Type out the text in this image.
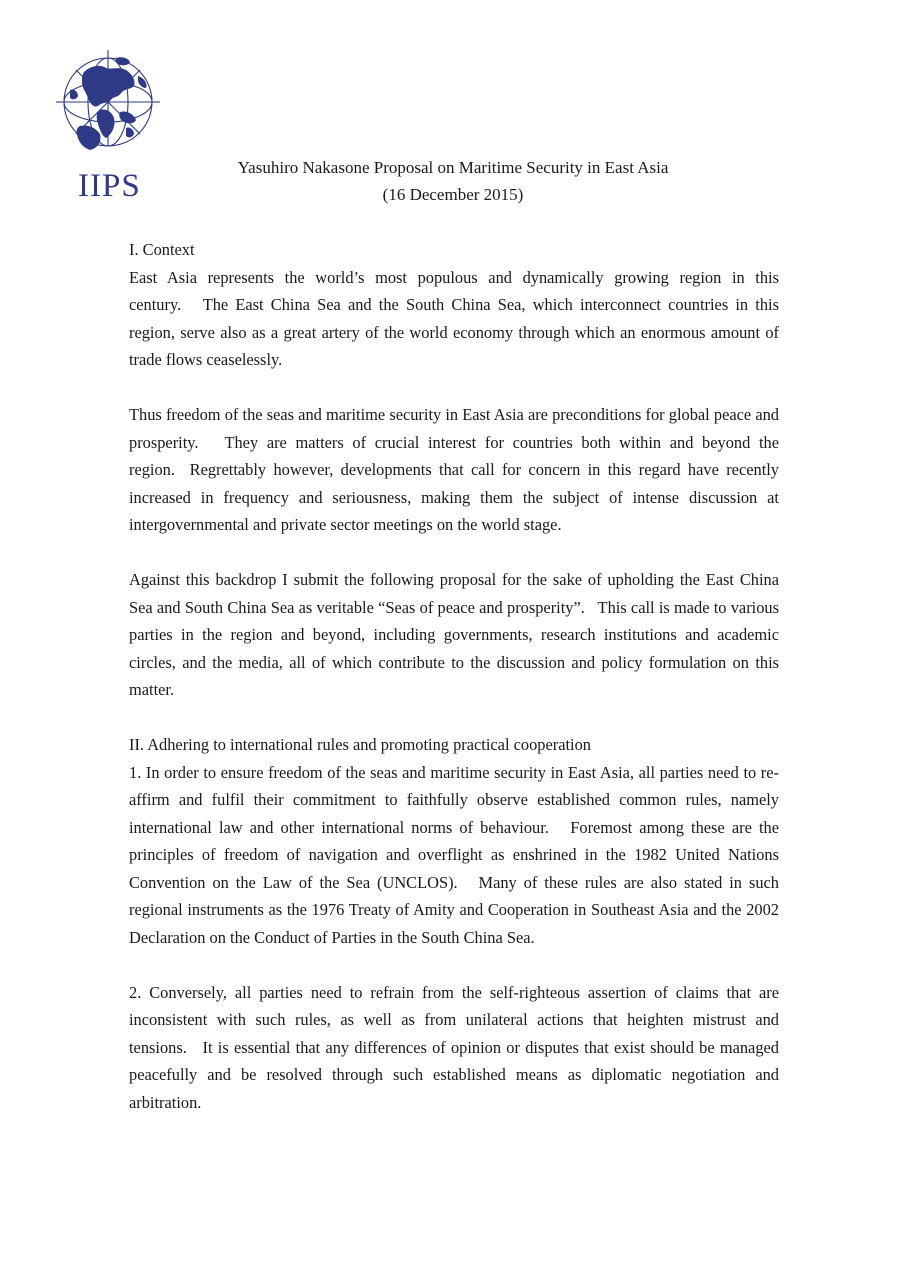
IIPS
Yasuhiro Nakasone Proposal on Maritime Security in East Asia
(16 December 2015)

I. Context

East Asia represents the world’s most populous and dynamically growing region in this century.   The East China Sea and the South China Sea, which interconnect countries in this region, serve also as a great artery of the world economy through which an enormous amount of trade flows ceaselessly.

Thus freedom of the seas and maritime security in East Asia are preconditions for global peace and prosperity.   They are matters of crucial interest for countries both within and beyond the region.  Regrettably however, developments that call for concern in this regard have recently increased in frequency and seriousness, making them the subject of intense discussion at intergovernmental and private sector meetings on the world stage.

Against this backdrop I submit the following proposal for the sake of upholding the East China Sea and South China Sea as veritable “Seas of peace and prosperity”.   This call is made to various parties in the region and beyond, including governments, research institutions and academic circles, and the media, all of which contribute to the discussion and policy formulation on this matter.

II. Adhering to international rules and promoting practical cooperation

1. In order to ensure freedom of the seas and maritime security in East Asia, all parties need to re-affirm and fulfil their commitment to faithfully observe established common rules, namely international law and other international norms of behaviour.   Foremost among these are the principles of freedom of navigation and overflight as enshrined in the 1982 United Nations Convention on the Law of the Sea (UNCLOS).   Many of these rules are also stated in such regional instruments as the 1976 Treaty of Amity and Cooperation in Southeast Asia and the 2002 Declaration on the Conduct of Parties in the South China Sea.

2. Conversely, all parties need to refrain from the self-righteous assertion of claims that are inconsistent with such rules, as well as from unilateral actions that heighten mistrust and tensions.   It is essential that any differences of opinion or disputes that exist should be managed peacefully and be resolved through such established means as diplomatic negotiation and arbitration.
